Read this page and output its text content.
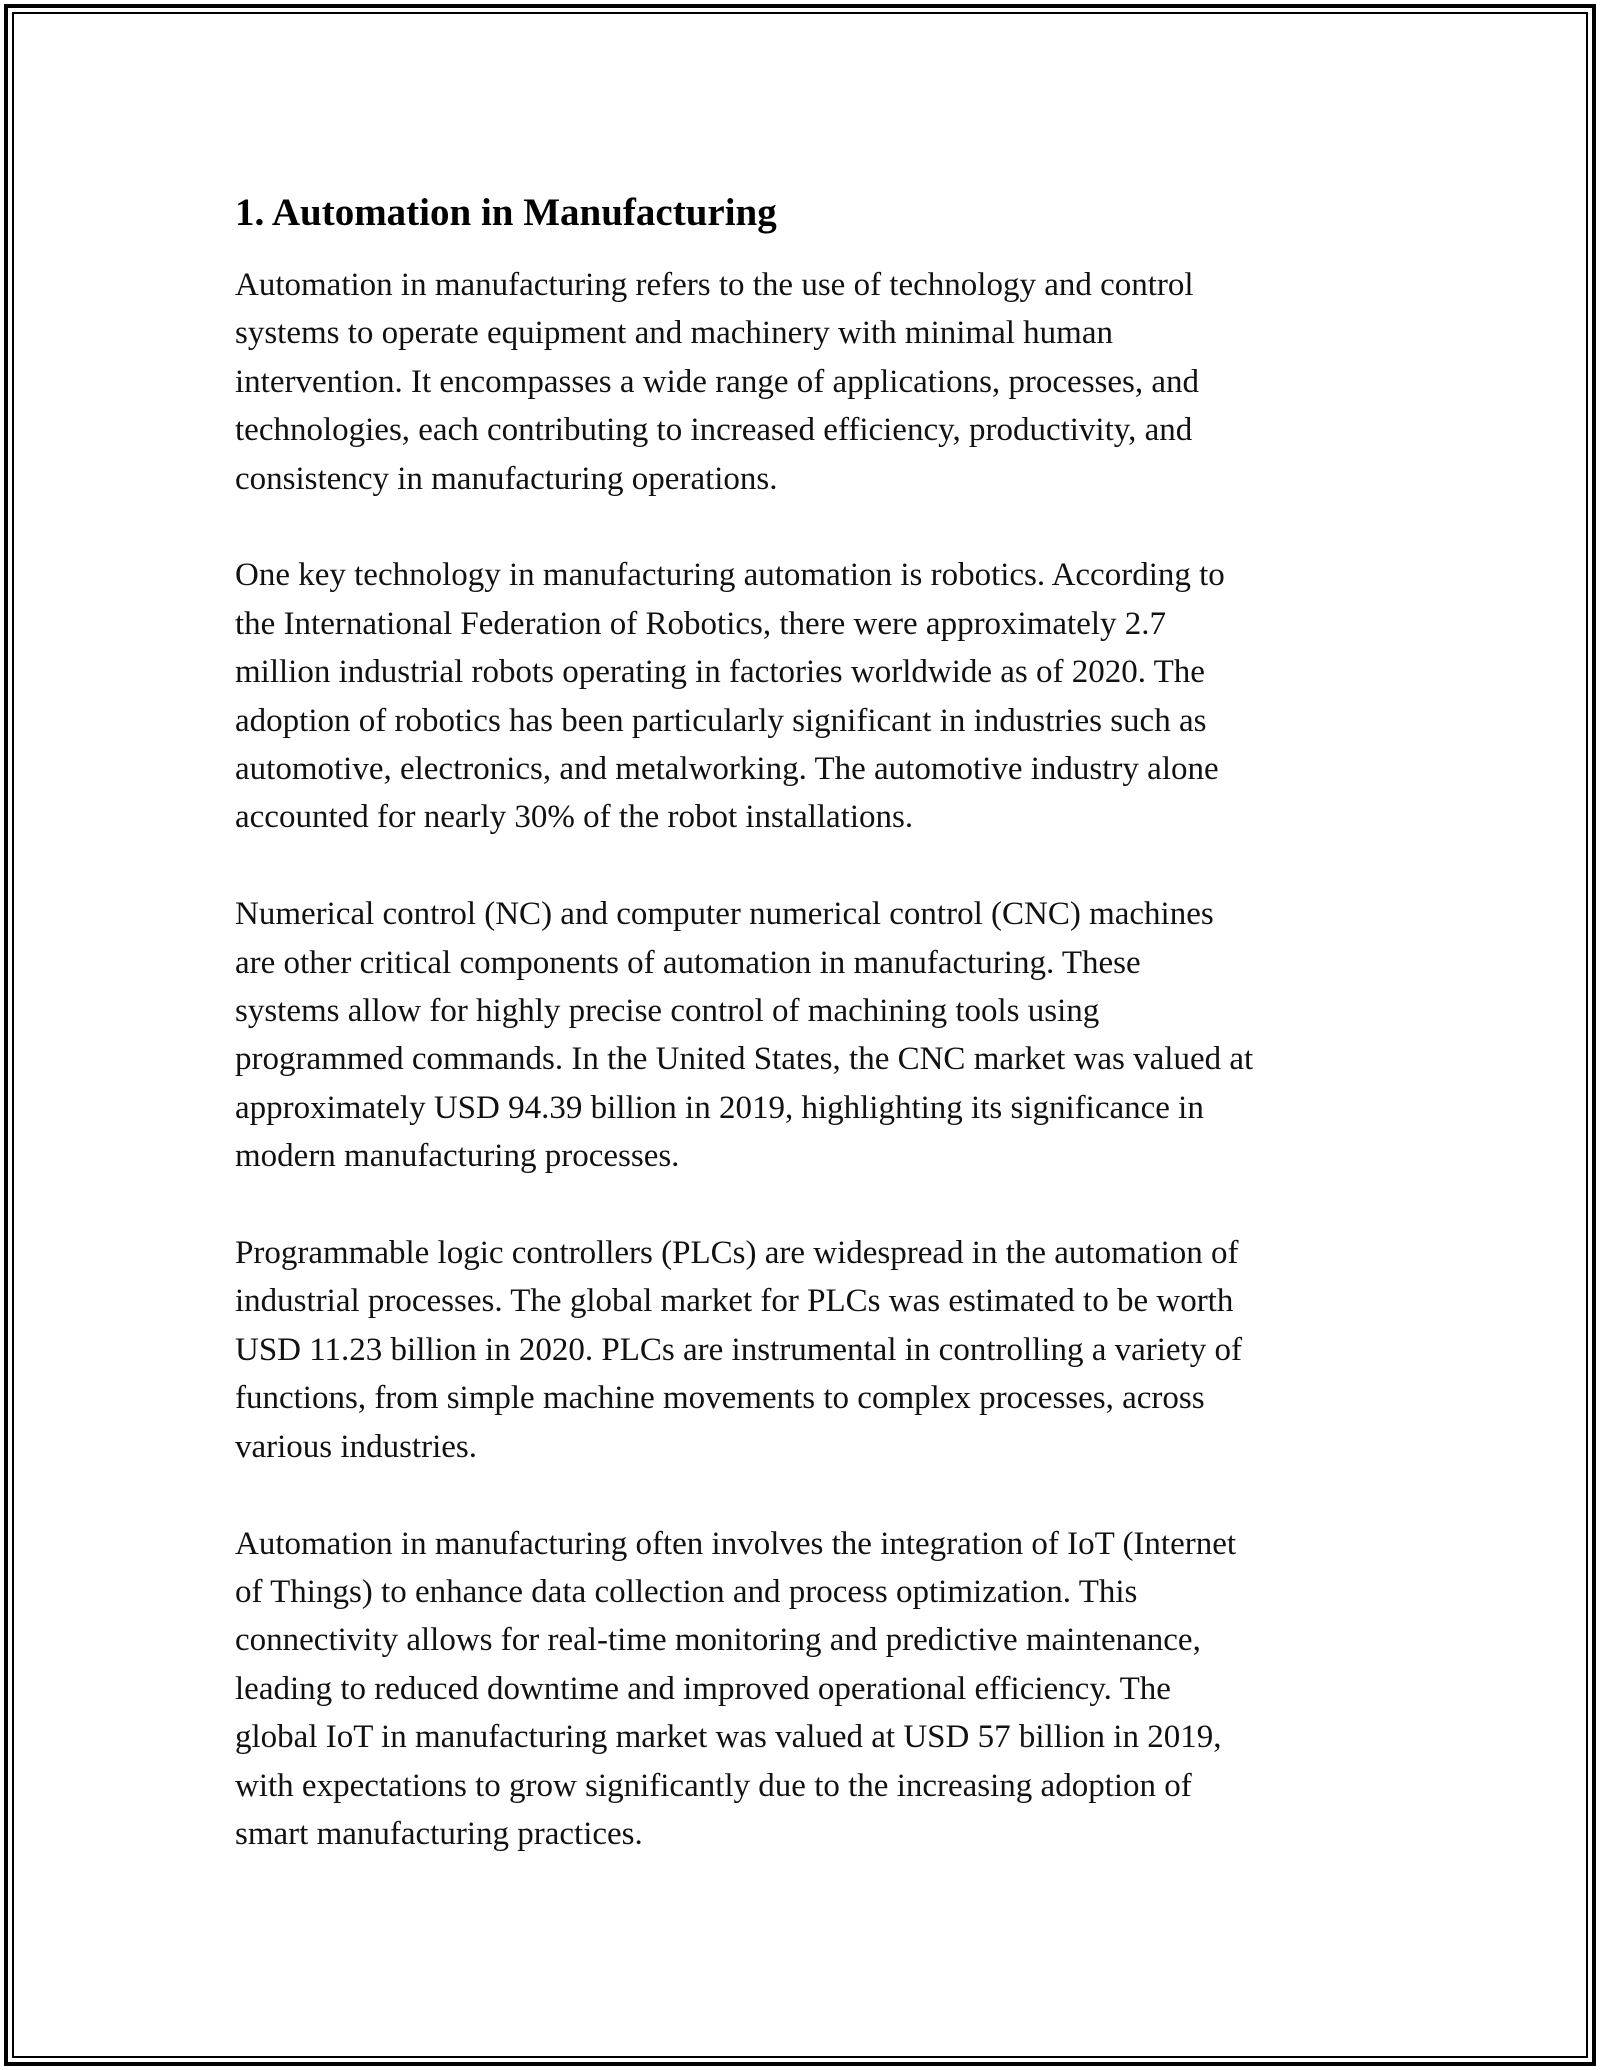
1. Automation in Manufacturing

Automation in manufacturing refers to the use of technology and control
systems to operate equipment and machinery with minimal human
intervention. It encompasses a wide range of applications, processes, and
technologies, each contributing to increased efficiency, productivity, and
consistency in manufacturing operations.

One key technology in manufacturing automation is robotics. According to
the International Federation of Robotics, there were approximately 2.7
million industrial robots operating in factories worldwide as of 2020. The
adoption of robotics has been particularly significant in industries such as
automotive, electronics, and metalworking. The automotive industry alone
accounted for nearly 30% of the robot installations.

Numerical control (NC) and computer numerical control (CNC) machines
are other critical components of automation in manufacturing. These
systems allow for highly precise control of machining tools using
programmed commands. In the United States, the CNC market was valued at
approximately USD 94.39 billion in 2019, highlighting its significance in
modern manufacturing processes.

Programmable logic controllers (PLCs) are widespread in the automation of
industrial processes. The global market for PLCs was estimated to be worth
USD 11.23 billion in 2020. PLCs are instrumental in controlling a variety of
functions, from simple machine movements to complex processes, across
various industries.

Automation in manufacturing often involves the integration of IoT (Internet
of Things) to enhance data collection and process optimization. This
connectivity allows for real-time monitoring and predictive maintenance,
leading to reduced downtime and improved operational efficiency. The
global IoT in manufacturing market was valued at USD 57 billion in 2019,
with expectations to grow significantly due to the increasing adoption of
smart manufacturing practices.
